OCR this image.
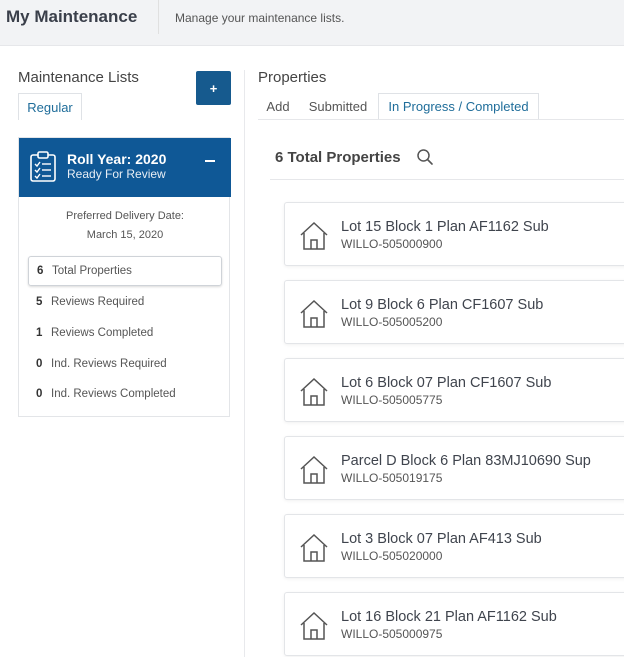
My Maintenance	Manage your maintenance lists.
Maintenance Lists
Regular
+
Roll Year: 2020
Ready For Review
Preferred Delivery Date:
March 15, 2020
6 Total Properties
5 Reviews Required
1 Reviews Completed
0 Ind. Reviews Required
0 Ind. Reviews Completed
Properties
Add	Submitted	In Progress / Completed
6 Total Properties
Lot 15 Block 1 Plan AF1162 Sub
WILLO-505000900
Lot 9 Block 6 Plan CF1607 Sub
WILLO-505005200
Lot 6 Block 07 Plan CF1607 Sub
WILLO-505005775
Parcel D Block 6 Plan 83MJ10690 Sup
WILLO-505019175
Lot 3 Block 07 Plan AF413 Sub
WILLO-505020000
Lot 16 Block 21 Plan AF1162 Sub
WILLO-505000975
